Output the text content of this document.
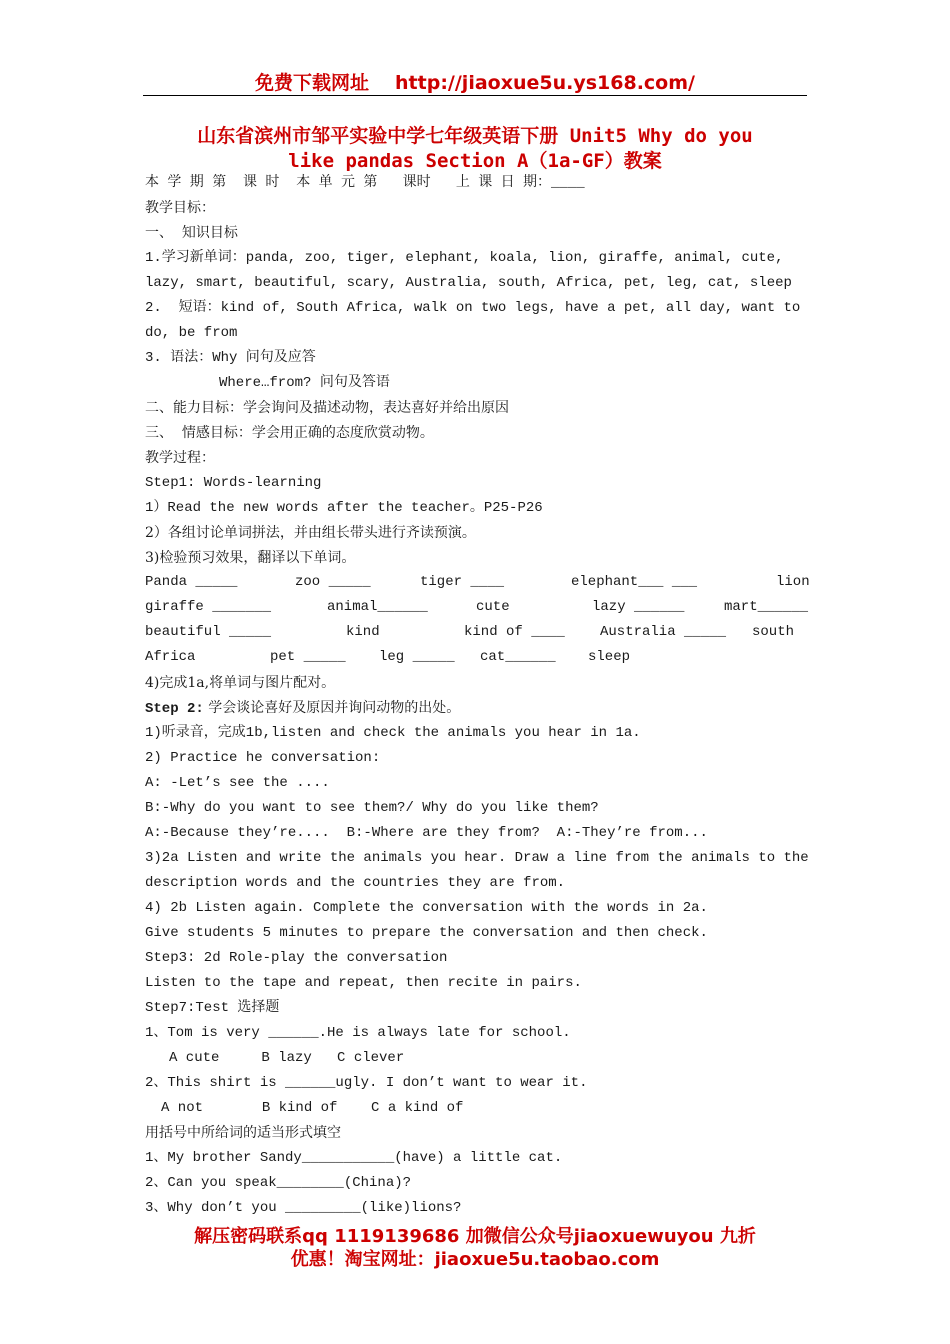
免费下载网址 http://jiaoxue5u.ys168.com/
山东省滨州市邹平实验中学七年级英语下册 Unit5 Why do you
like pandas Section A（1a-GF）教案
本 学 期 第  课 时  本 单 元 第   课时   上 课 日 期：____
教学目标：
一、  知识目标
1.学习新单词：panda, zoo, tiger, elephant, koala, lion, giraffe, animal, cute,
lazy, smart, beautiful, scary, Australia, south, Africa, pet, leg, cat, sleep
2.  短语：kind of, South Africa, walk on two legs, have a pet, all day, want to
do, be from
3. 语法：Why 问句及应答
Where…from? 问句及答语
二、能力目标：学会询问及描述动物，表达喜好并给出原因
三、  情感目标：学会用正确的态度欣赏动物。
教学过程：
Step1: Words-learning
1）Read the new words after the teacher。P25-P26
2）各组讨论单词拼法，并由组长带头进行齐读预演。
3)检验预习效果，翻译以下单词。
Panda _____	zoo _____	tiger ____	elephant___ ___	lion
giraffe _______	animal______	cute	lazy ______	mart______
beautiful _____	kind	kind of ____	Australia _____ south
Africa	pet _____ leg _____ cat______ sleep
4)完成1a,将单词与图片配对。
Step 2: 学会谈论喜好及原因并询问动物的出处。
1)听录音，完成1b,listen and check the animals you hear in 1a.
2) Practice he conversation:
A: -Let’s see the ....
B:-Why do you want to see them?/ Why do you like them?
A:-Because they’re....  B:-Where are they from?  A:-They’re from...
3)2a Listen and write the animals you hear. Draw a line from the animals to the
description words and the countries they are from.
4) 2b Listen again. Complete the conversation with the words in 2a.
Give students 5 minutes to prepare the conversation and then check.
Step3: 2d Role-play the conversation
Listen to the tape and repeat, then recite in pairs.
Step7:Test 选择题
1、Tom is very ______.He is always late for school.
A cute     B lazy   C clever
2、This shirt is ______ugly. I don’t want to wear it.
A not       B kind of    C a kind of
用括号中所给词的适当形式填空
1、My brother Sandy___________(have) a little cat.
2、Can you speak________(China)?
3、Why don’t you _________(like)lions?
解压密码联系qq 1119139686 加微信公众号jiaoxuewuyou 九折
优惠！淘宝网址：jiaoxue5u.taobao.com
